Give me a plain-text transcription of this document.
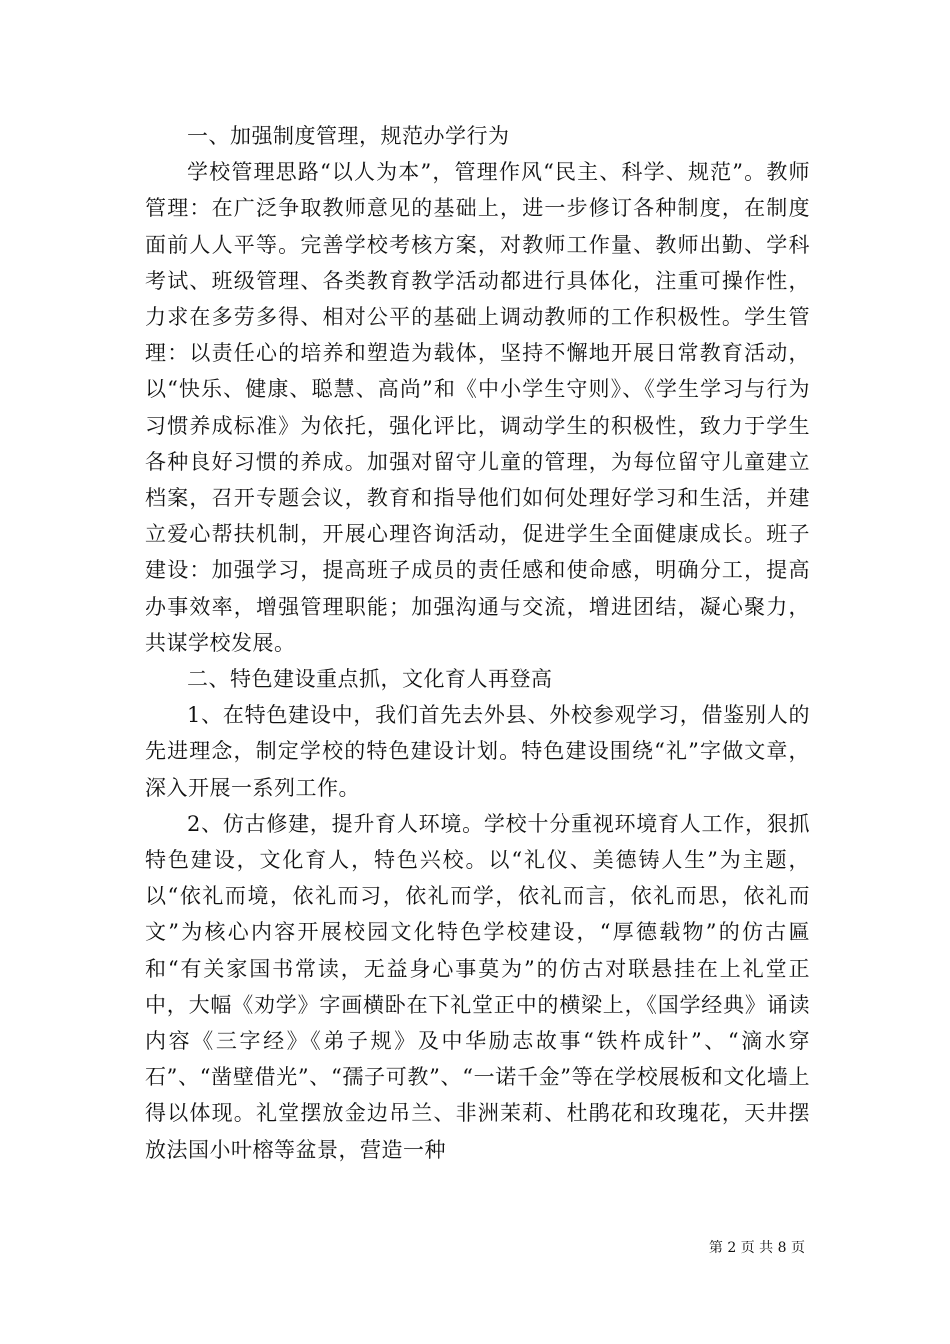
一、加强制度管理，规范办学行为

学校管理思路“以人为本”，管理作风“民主、科学、规范”。教师管理：在广泛争取教师意见的基础上，进一步修订各种制度，在制度面前人人平等。完善学校考核方案，对教师工作量、教师出勤、学科考试、班级管理、各类教育教学活动都进行具体化，注重可操作性，力求在多劳多得、相对公平的基础上调动教师的工作积极性。学生管理：以责任心的培养和塑造为载体，坚持不懈地开展日常教育活动，以“快乐、健康、聪慧、高尚”和《中小学生守则》、《学生学习与行为习惯养成标准》为依托，强化评比，调动学生的积极性，致力于学生各种良好习惯的养成。加强对留守儿童的管理，为每位留守儿童建立档案，召开专题会议，教育和指导他们如何处理好学习和生活，并建立爱心帮扶机制，开展心理咨询活动，促进学生全面健康成长。班子建设：加强学习，提高班子成员的责任感和使命感，明确分工，提高办事效率，增强管理职能；加强沟通与交流，增进团结，凝心聚力，共谋学校发展。

二、特色建设重点抓，文化育人再登高

1、在特色建设中，我们首先去外县、外校参观学习，借鉴别人的先进理念，制定学校的特色建设计划。特色建设围绕“礼”字做文章，深入开展一系列工作。

2、仿古修建，提升育人环境。学校十分重视环境育人工作，狠抓特色建设，文化育人，特色兴校。以“礼仪、美德铸人生”为主题，以“依礼而境，依礼而习，依礼而学，依礼而言，依礼而思，依礼而文”为核心内容开展校园文化特色学校建设，“厚德载物”的仿古匾和“有关家国书常读，无益身心事莫为”的仿古对联悬挂在上礼堂正中，大幅《劝学》字画横卧在下礼堂正中的横梁上，《国学经典》诵读内容《三字经》《弟子规》及中华励志故事“铁杵成针”、“滴水穿石”、“凿壁借光”、“孺子可教”、“一诺千金”等在学校展板和文化墙上得以体现。礼堂摆放金边吊兰、非洲茉莉、杜鹃花和玫瑰花，天井摆放法国小叶榕等盆景，营造一种

第 2 页 共 8 页
